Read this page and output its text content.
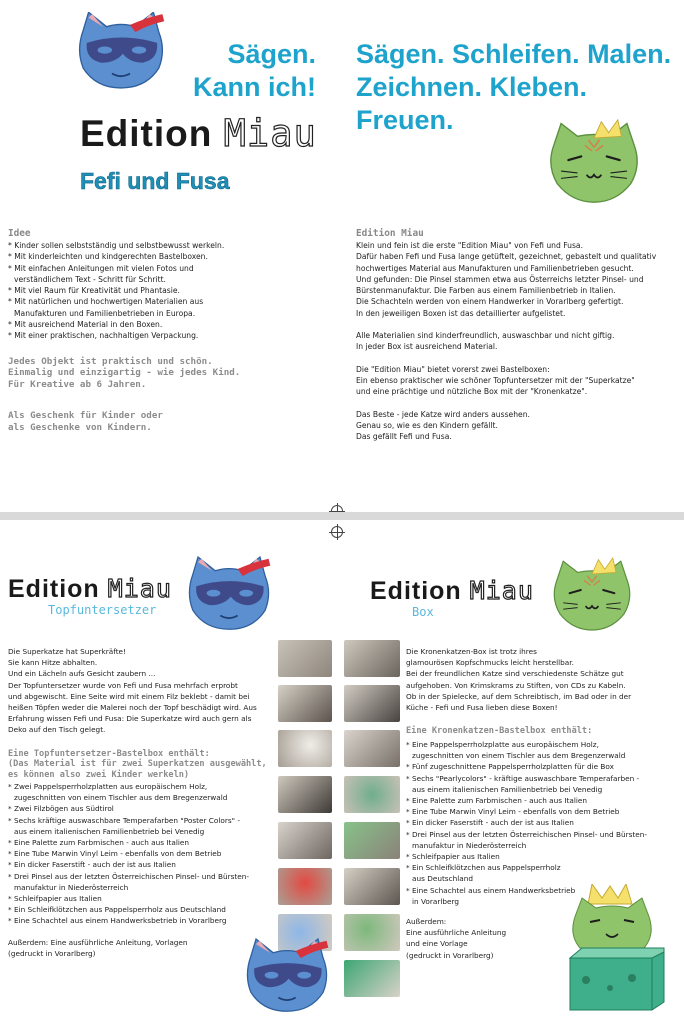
Sägen.
Kann ich!
Sägen. Schleifen. Malen.
Zeichnen. Kleben. Freuen.
Edition Miau
Fefi und Fusa
Idee

* Kinder sollen selbstständig und selbstbewusst werkeln.

* Mit kinderleichten und kindgerechten Bastelboxen.

* Mit einfachen Anleitungen mit vielen Fotos und

verständlichem Text - Schritt für Schritt.

* Mit viel Raum für Kreativität und Phantasie.

* Mit natürlichen und hochwertigen Materialien aus

Manufakturen und Familienbetrieben in Europa.

* Mit ausreichend Material in den Boxen.

* Mit einer praktischen, nachhaltigen Verpackung.

Jedes Objekt ist praktisch und schön.
Einmalig und einzigartig - wie jedes Kind.
Für Kreative ab 6 Jahren.
Als Geschenk für Kinder oder
als Geschenke von Kindern.
Edition Miau

Klein und fein ist die erste "Edition Miau" von Fefi und Fusa.

Dafür haben Fefi und Fusa lange getüftelt, gezeichnet, gebastelt und qualitativ

hochwertiges Material aus Manufakturen und Familienbetrieben gesucht.

Und gefunden: Die Pinsel stammen etwa aus Österreichs letzter Pinsel- und

Bürstenmanufaktur. Die Farben aus einem Familienbetrieb in Italien.

Die Schachteln werden von einem Handwerker in Vorarlberg gefertigt.

In den jeweiligen Boxen ist das detaillierter aufgelistet.

Alle Materialien sind kinderfreundlich, auswaschbar und nicht giftig.

In jeder Box ist ausreichend Material.

Die "Edition Miau" bietet vorerst zwei Bastelboxen:

Ein ebenso praktischer wie schöner Topfuntersetzer mit der "Superkatze"

und eine prächtige und nützliche Box mit der "Kronenkatze".

Das Beste - jede Katze wird anders aussehen.

Genau so, wie es den Kindern gefällt.

Das gefällt Fefi und Fusa.

Edition Miau
Topfuntersetzer

Die Superkatze hat Superkräfte!

Sie kann Hitze abhalten.

Und ein Lächeln aufs Gesicht zaubern ...

Der Topfuntersetzer wurde von Fefi und Fusa mehrfach erprobt

und abgewischt. Eine Seite wird mit einem Filz beklebt - damit bei

heißen Töpfen weder die Malerei noch der Topf beschädigt wird. Aus

Erfahrung wissen Fefi und Fusa: Die Superkatze wird auch gern als

Deko auf den Tisch gelegt.

Eine Topfuntersetzer-Bastelbox enthält:
(Das Material ist für zwei Superkatzen ausgewählt,
es können also zwei Kinder werkeln)

* Zwei Pappelsperrholzplatten aus europäischem Holz,

zugeschnitten von einem Tischler aus dem Bregenzerwald

* Zwei Filzbögen aus Südtirol

* Sechs kräftige auswaschbare Temperafarben "Poster Colors" -

aus einem italienischen Familienbetrieb bei Venedig

* Eine Palette zum Farbmischen - auch aus Italien

* Eine Tube Marwin Vinyl Leim - ebenfalls von dem Betrieb

* Ein dicker Faserstift - auch der ist aus Italien

* Drei Pinsel aus der letzten Österreichischen Pinsel- und Bürsten-

manufaktur in Niederösterreich

* Schleifpapier aus Italien

* Ein Schleifklötzchen aus Pappelsperrholz aus Deutschland

* Eine Schachtel aus einem Handwerksbetrieb in Vorarlberg

Außerdem: Eine ausführliche Anleitung, Vorlagen

(gedruckt in Vorarlberg)

Edition Miau
Box

Die Kronenkatzen-Box ist trotz ihres

glamourösen Kopfschmucks leicht herstellbar.

Bei der freundlichen Katze sind verschiedenste Schätze gut

aufgehoben. Von Krimskrams zu Stiften, von CDs zu Kabeln.

Ob in der Spielecke, auf dem Schreibtisch, im Bad oder in der

Küche - Fefi und Fusa lieben diese Boxen!

Eine Kronenkatzen-Bastelbox enthält:

* Eine Pappelsperrholzplatte aus europäischem Holz,

zugeschnitten von einem Tischler aus dem Bregenzerwald

* Fünf zugeschnittene Pappelsperrholzplatten für die Box

* Sechs "Pearlycolors" - kräftige auswaschbare Temperafarben -

aus einem italienischen Familienbetrieb bei Venedig

* Eine Palette zum Farbmischen - auch aus Italien

* Eine Tube Marwin Vinyl Leim - ebenfalls von dem Betrieb

* Ein dicker Faserstift - auch der ist aus Italien

* Drei Pinsel aus der letzten Österreichischen Pinsel- und Bürsten-

manufaktur in Niederösterreich

* Schleifpapier aus Italien

* Ein Schleifklötzchen aus Pappelsperrholz

aus Deutschland

* Eine Schachtel aus einem Handwerksbetrieb

in Vorarlberg

Außerdem:

Eine ausführliche Anleitung

und eine Vorlage

(gedruckt in Vorarlberg)
